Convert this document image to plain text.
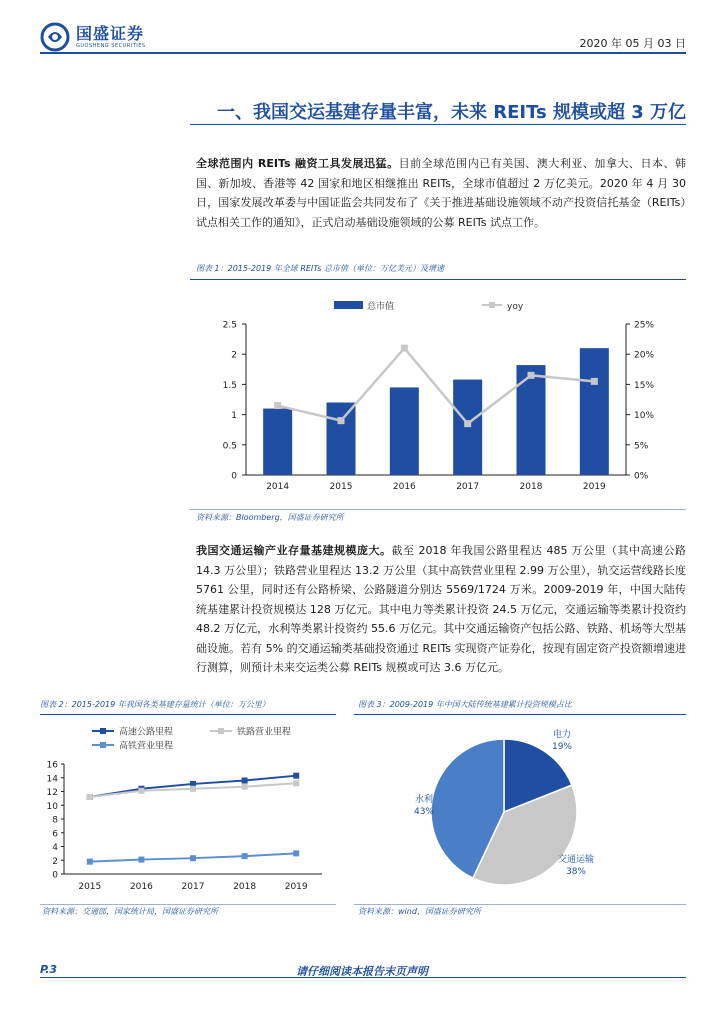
国盛证券
GUOSHENG SECURITIES	2020 年 05 月 03 日
一、我国交运基建存量丰富，未来 REITs 规模或超 3 万亿
全球范围内 REITs 融资工具发展迅猛。目前全球范围内已有美国、澳大利亚、加拿大、日本、韩国、新加坡、香港等 42 国家和地区相继推出 REITs，全球市值超过 2 万亿美元。2020 年 4 月 30 日，国家发展改革委与中国证监会共同发布了《关于推进基础设施领域不动产投资信托基金（REITs）试点相关工作的通知》，正式启动基础设施领域的公募 REITs 试点工作。
图表 1：2015-2019 年全球 REITs 总市值（单位：万亿美元）及增速
总市值	yoy
0
0.5
1
1.5
2
2.5
0%
5%
10%
15%
20%
25%
2014	2015	2016	2017	2018	2019
资料来源：Bloomberg，国盛证券研究所
我国交通运输产业存量基建规模庞大。截至 2018 年我国公路里程达 485 万公里（其中高速公路 14.3 万公里）；铁路营业里程达 13.2 万公里（其中高铁营业里程 2.99 万公里），轨交运营线路长度 5761 公里，同时还有公路桥梁、公路隧道分别达 5569/1724 万米。2009-2019 年，中国大陆传统基建累计投资规模达 128 万亿元。其中电力等类累计投资 24.5 万亿元，交通运输等类累计投资约 48.2 万亿元，水利等类累计投资约 55.6 万亿元。其中交通运输资产包括公路、铁路、机场等大型基础设施。若有 5% 的交通运输类基础投资通过 REITs 实现资产证券化，按现有固定资产投资额增速进行测算，则预计未来交运类公募 REITs 规模或可达 3.6 万亿元。
图表 2：2015-2019 年我国各类基建存量统计（单位：万公里）
高速公路里程	铁路营业里程
高铁营业里程
0
2
4
6
8
10
12
14
16
2015	2016	2017	2018	2019
资料来源：交通部，国家统计局，国盛证券研究所
图表 3：2009-2019 年中国大陆传统基建累计投资规模占比
电力
19%
交通运输
38%
水利
43%
资料来源：wind，国盛证券研究所
P.3	请仔细阅读本报告末页声明
